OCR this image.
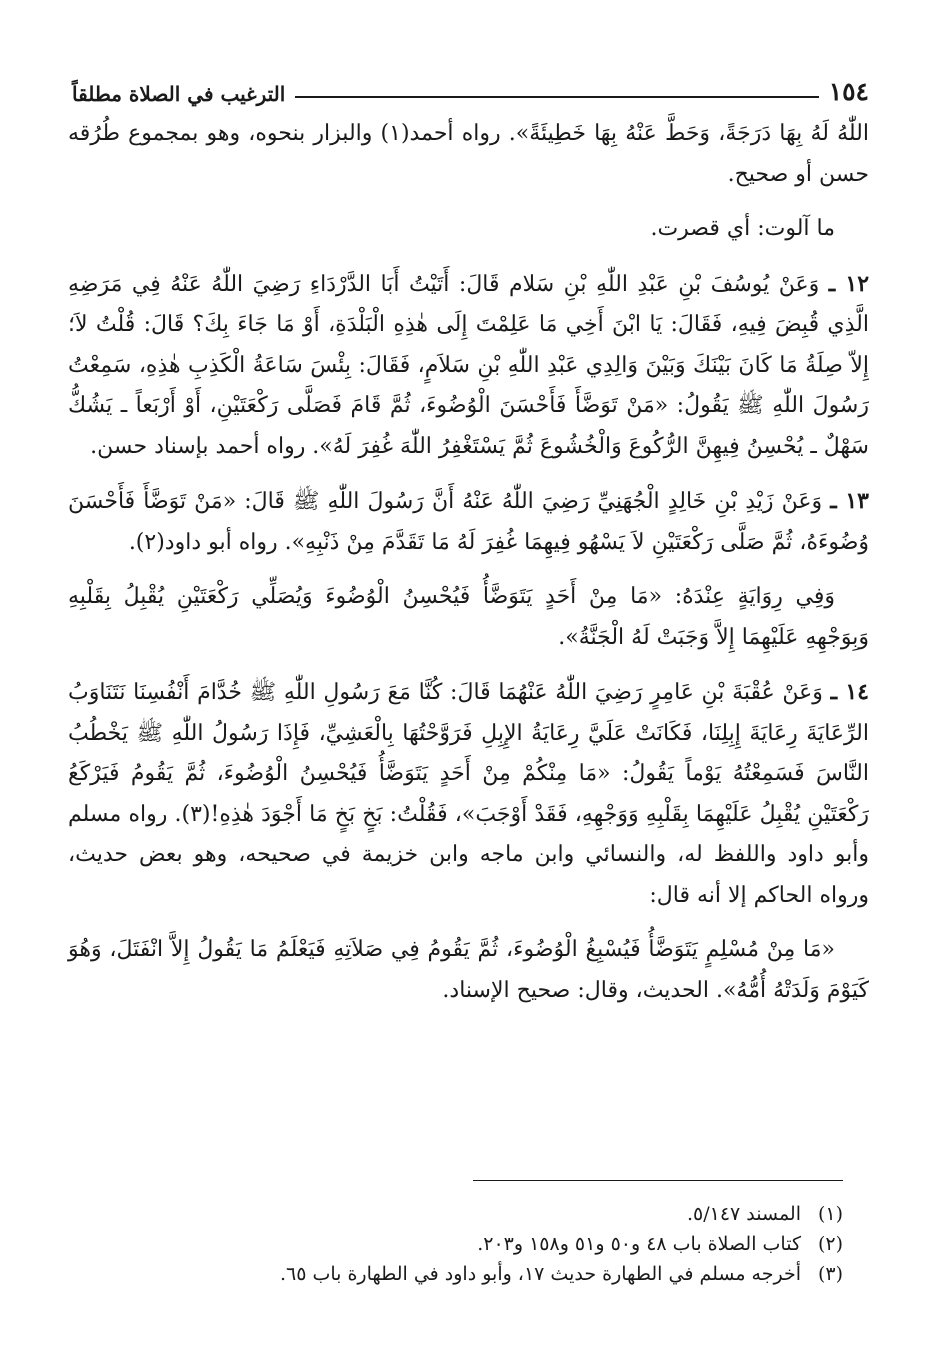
١٥٤
الترغيب في الصلاة مطلقاً

اللّٰهُ لَهُ بِهَا دَرَجَةً، وَحَطَّ عَنْهُ بِهَا خَطِيئَةً». رواه أحمد(١) والبزار بنحوه، وهو بمجموع طُرُقه حسن أو صحيح.

ما آلوت: أي قصرت.

١٢ ـ وَعَنْ يُوسُفَ بْنِ عَبْدِ اللّٰهِ بْنِ سَلام قَالَ: أَتَيْتُ أَبَا الدَّرْدَاءِ رَضِيَ اللّٰهُ عَنْهُ فِي مَرَضِهِ الَّذِي قُبِضَ فِيهِ، فَقَالَ: يَا ابْنَ أَخِي مَا عَلِمْتَ إِلَى هٰذِهِ الْبَلْدَةِ، أَوْ مَا جَاءَ بِكَ؟ قَالَ: قُلْتُ لاَ؛ إِلاّ صِلَةُ مَا كَانَ بَيْنَكَ وَبَيْنَ وَالِدِي عَبْدِ اللّٰهِ بْنِ سَلاَمٍ، فَقَالَ: بِئْسَ سَاعَةُ الْكَذِبِ هٰذِهِ، سَمِعْتُ رَسُولَ اللّٰهِ ﷺ يَقُولُ: «مَنْ تَوَضَّأَ فَأَحْسَنَ الْوُضُوءَ، ثُمَّ قَامَ فَصَلَّى رَكْعَتَيْنِ، أَوْ أَرْبَعاً ـ يَشُكُّ سَهْلٌ ـ يُحْسِنُ فِيهِنَّ الرُّكُوعَ وَالْخُشُوعَ ثُمَّ يَسْتَغْفِرُ اللّٰهَ غُفِرَ لَهُ». رواه أحمد بإسناد حسن.

١٣ ـ وَعَنْ زَيْدِ بْنِ خَالِدٍ الْجُهَنِيِّ رَضِيَ اللّٰهُ عَنْهُ أَنَّ رَسُولَ اللّٰهِ ﷺ قَالَ: «مَنْ تَوَضَّأَ فَأَحْسَنَ وُضُوءَهُ، ثُمَّ صَلَّى رَكْعَتَيْنِ لاَ يَسْهُو فِيهِمَا غُفِرَ لَهُ مَا تَقَدَّمَ مِنْ ذَنْبِهِ». رواه أبو داود(٢).

وَفِي رِوَايَةٍ عِنْدَهُ: «مَا مِنْ أَحَدٍ يَتَوَضَّأُ فَيُحْسِنُ الْوُضُوءَ وَيُصَلِّي رَكْعَتَيْنِ يُقْبِلُ بِقَلْبِهِ وَبِوَجْهِهِ عَلَيْهِمَا إِلاَّ وَجَبَتْ لَهُ الْجَنَّةُ».

١٤ ـ وَعَنْ عُقْبَةَ بْنِ عَامِرٍ رَضِيَ اللّٰهُ عَنْهُمَا قَالَ: كُنَّا مَعَ رَسُولِ اللّٰهِ ﷺ خُدَّامَ أَنْفُسِنَا نَتَنَاوَبُ الرِّعَايَةَ رِعَايَةَ إِبِلِنَا، فَكَانَتْ عَلَيَّ رِعَايَةُ الإِبِلِ فَرَوَّحْتُهَا بِالْعَشِيِّ، فَإِذَا رَسُولُ اللّٰهِ ﷺ يَخْطُبُ النَّاسَ فَسَمِعْتُهُ يَوْماً يَقُولُ: «مَا مِنْكُمْ مِنْ أَحَدٍ يَتَوَضَّأُ فَيُحْسِنُ الْوُضُوءَ، ثُمَّ يَقُومُ فَيَرْكَعُ رَكْعَتَيْنِ يُقْبِلُ عَلَيْهِمَا بِقَلْبِهِ وَوَجْهِهِ، فَقَدْ أَوْجَبَ»، فَقُلْتُ: بَخٍ بَخٍ مَا أَجْوَدَ هٰذِهِ!(٣). رواه مسلم وأبو داود واللفظ له، والنسائي وابن ماجه وابن خزيمة في صحيحه، وهو بعض حديث، ورواه الحاكم إلا أنه قال:

«مَا مِنْ مُسْلِمٍ يَتَوَضَّأُ فَيُسْبِغُ الْوُضُوءَ، ثُمَّ يَقُومُ فِي صَلاَتِهِ فَيَعْلَمُ مَا يَقُولُ إِلاَّ انْفَتَلَ، وَهُوَ كَيَوْمَ وَلَدَتْهُ أُمُّهُ». الحديث، وقال: صحيح الإسناد.

(١)المسند ٥/١٤٧.

(٢)كتاب الصلاة باب ٤٨ و٥٠ و٥١ و١٥٨ و٢٠٣.

(٣)أخرجه مسلم في الطهارة حديث ١٧، وأبو داود في الطهارة باب ٦٥.
